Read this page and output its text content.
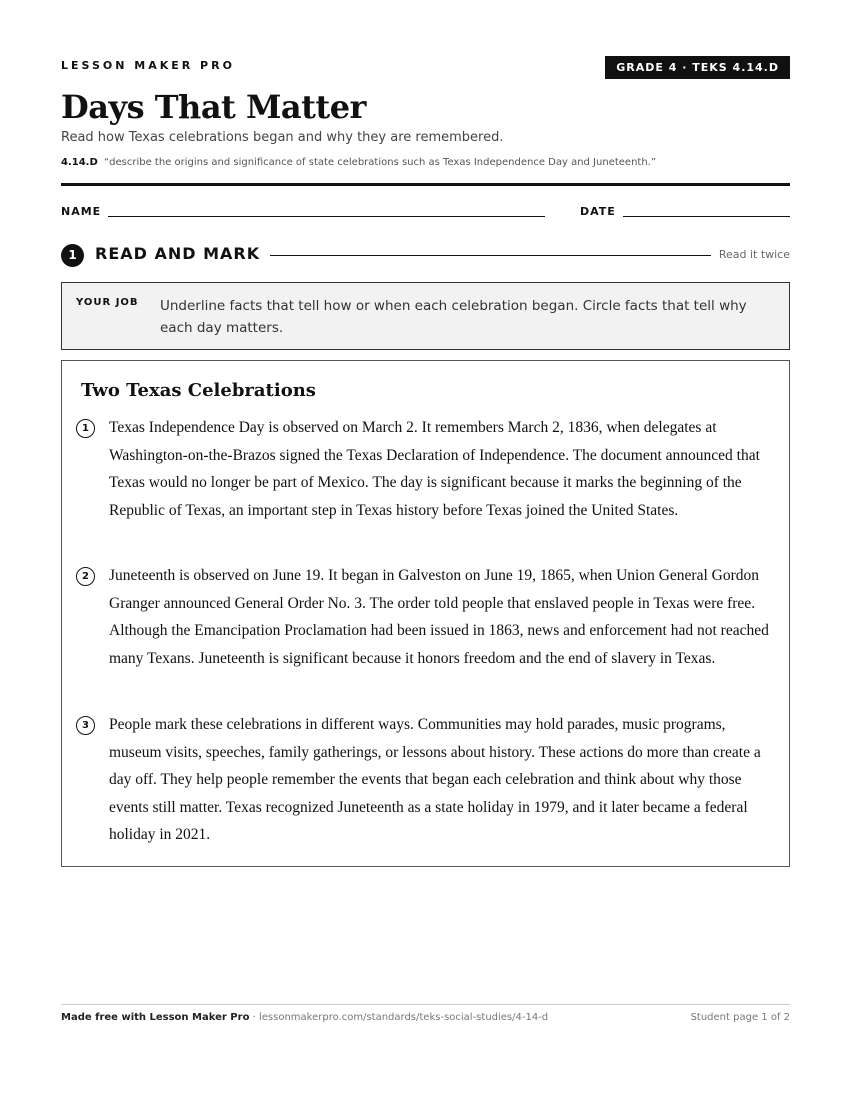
LESSON MAKER PRO	GRADE 4 · TEKS 4.14.D
Days That Matter
Read how Texas celebrations began and why they are remembered.
4.14.D “describe the origins and significance of state celebrations such as Texas Independence Day and Juneteenth.”
NAME	DATE
1	READ AND MARK	Read it twice
YOUR JOB Underline facts that tell how or when each celebration began. Circle facts that tell why each day matters.
Two Texas Celebrations
1	Texas Independence Day is observed on March 2. It remembers March 2, 1836, when delegates at Washington-on-the-Brazos signed the Texas Declaration of Independence. The document announced that Texas would no longer be part of Mexico. The day is significant because it marks the beginning of the Republic of Texas, an important step in Texas history before Texas joined the United States.
2	Juneteenth is observed on June 19. It began in Galveston on June 19, 1865, when Union General Gordon Granger announced General Order No. 3. The order told people that enslaved people in Texas were free. Although the Emancipation Proclamation had been issued in 1863, news and enforcement had not reached many Texans. Juneteenth is significant because it honors freedom and the end of slavery in Texas.
3	People mark these celebrations in different ways. Communities may hold parades, music programs, museum visits, speeches, family gatherings, or lessons about history. These actions do more than create a day off. They help people remember the events that began each celebration and think about why those events still matter. Texas recognized Juneteenth as a state holiday in 1979, and it later became a federal holiday in 2021.
Made free with Lesson Maker Pro · lessonmakerpro.com/standards/teks-social-studies/4-14-d	Student page 1 of 2
